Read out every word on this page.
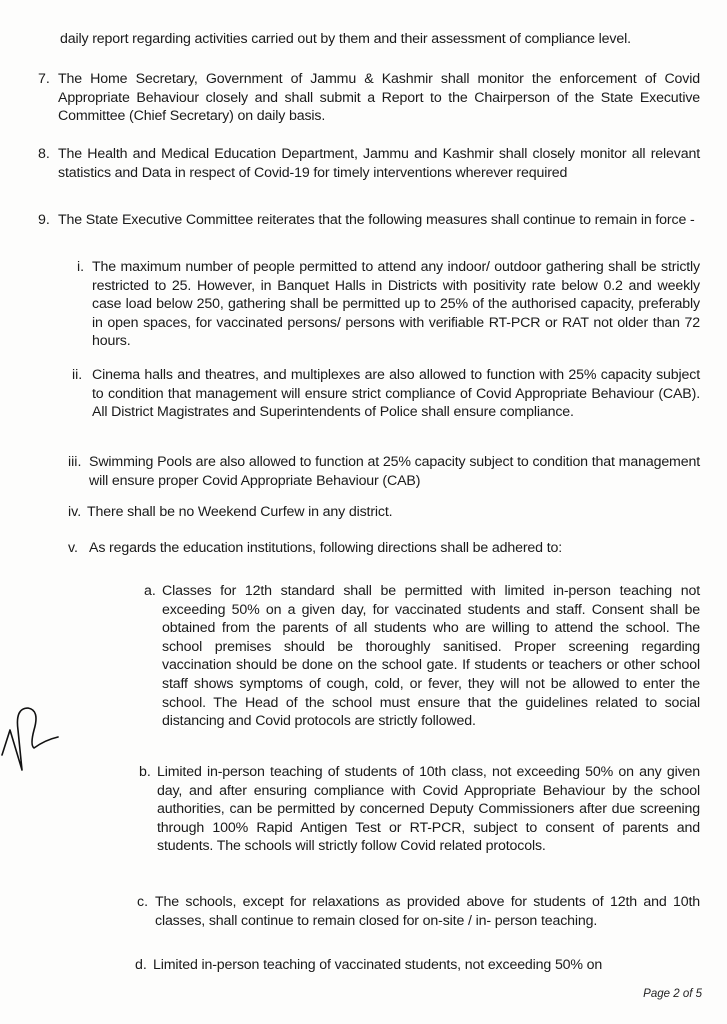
daily report regarding activities carried out by them and their assessment of compliance level.
7. The Home Secretary, Government of Jammu & Kashmir shall monitor the enforcement of Covid Appropriate Behaviour closely and shall submit a Report to the Chairperson of the State Executive Committee (Chief Secretary) on daily basis.
8. The Health and Medical Education Department, Jammu and Kashmir shall closely monitor all relevant statistics and Data in respect of Covid-19 for timely interventions wherever required
9. The State Executive Committee reiterates that the following measures shall continue to remain in force -
i. The maximum number of people permitted to attend any indoor/ outdoor gathering shall be strictly restricted to 25. However, in Banquet Halls in Districts with positivity rate below 0.2 and weekly case load below 250, gathering shall be permitted up to 25% of the authorised capacity, preferably in open spaces, for vaccinated persons/ persons with verifiable RT-PCR or RAT not older than 72 hours.
ii. Cinema halls and theatres, and multiplexes are also allowed to function with 25% capacity subject to condition that management will ensure strict compliance of Covid Appropriate Behaviour (CAB). All District Magistrates and Superintendents of Police shall ensure compliance.
iii. Swimming Pools are also allowed to function at 25% capacity subject to condition that management will ensure proper Covid Appropriate Behaviour (CAB)
iv. There shall be no Weekend Curfew in any district.
v. As regards the education institutions, following directions shall be adhered to:
a. Classes for 12th standard shall be permitted with limited in-person teaching not exceeding 50% on a given day, for vaccinated students and staff. Consent shall be obtained from the parents of all students who are willing to attend the school. The school premises should be thoroughly sanitised. Proper screening regarding vaccination should be done on the school gate. If students or teachers or other school staff shows symptoms of cough, cold, or fever, they will not be allowed to enter the school. The Head of the school must ensure that the guidelines related to social distancing and Covid protocols are strictly followed.
b. Limited in-person teaching of students of 10th class, not exceeding 50% on any given day, and after ensuring compliance with Covid Appropriate Behaviour by the school authorities, can be permitted by concerned Deputy Commissioners after due screening through 100% Rapid Antigen Test or RT-PCR, subject to consent of parents and students. The schools will strictly follow Covid related protocols.
c. The schools, except for relaxations as provided above for students of 12th and 10th classes, shall continue to remain closed for on-site / in- person teaching.
d. Limited in-person teaching of vaccinated students, not exceeding 50% on
Page 2 of 5
